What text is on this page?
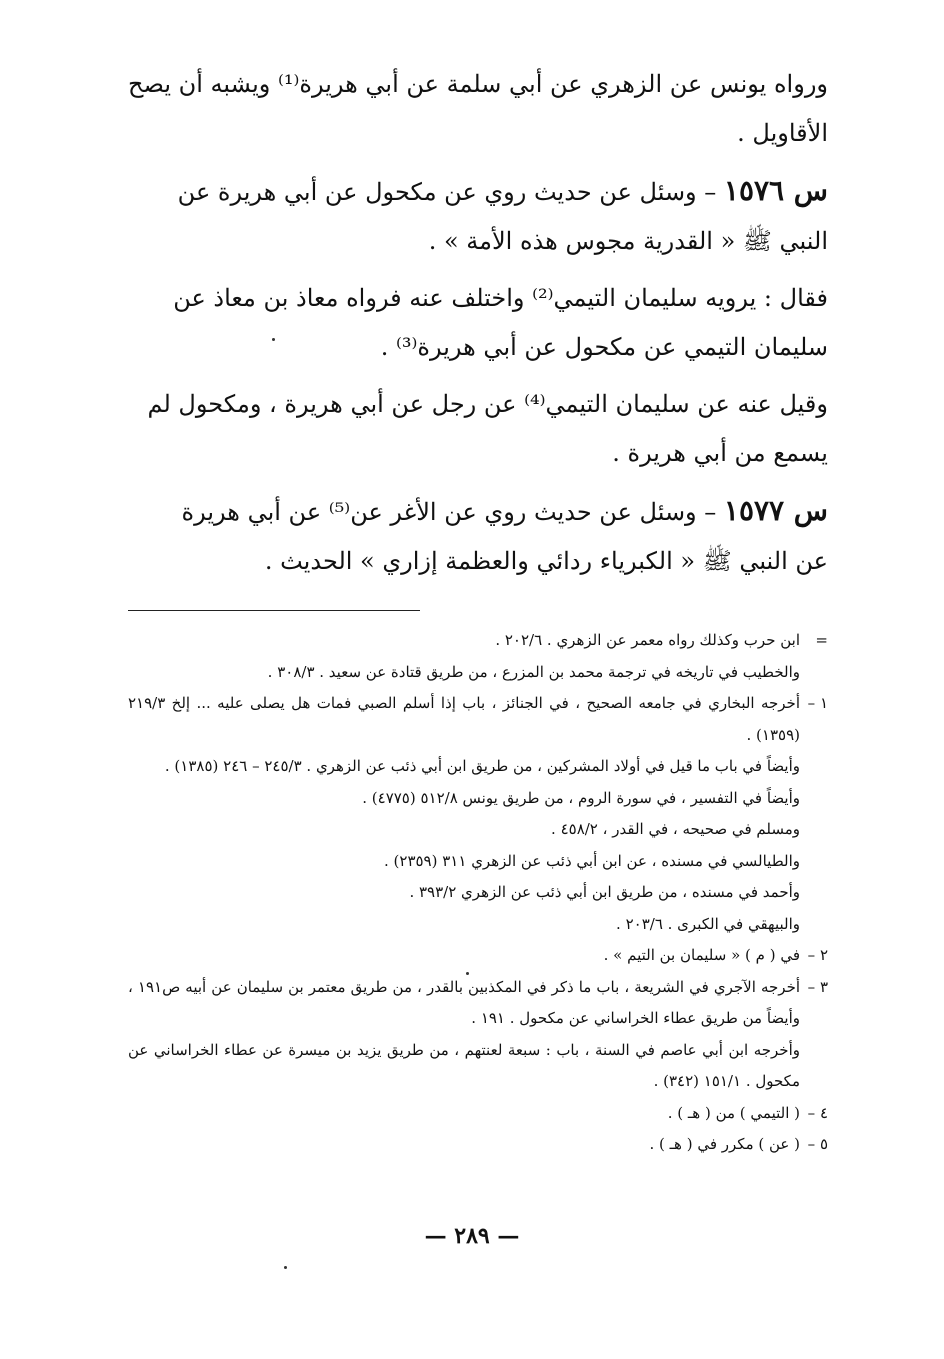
ورواه يونس عن الزهري عن أبي سلمة عن أبي هريرة⁽¹⁾ ويشبه أن يصح
الأقاويل .

س ١٥٧٦ – وسئل عن حديث روي عن مكحول عن أبي هريرة عن
النبي ﷺ « القدرية مجوس هذه الأمة » .

فقال : يرويه سليمان التيمي⁽²⁾ واختلف عنه فرواه معاذ بن معاذ عن
سليمان التيمي عن مكحول عن أبي هريرة⁽³⁾ .

وقيل عنه عن سليمان التيمي⁽⁴⁾ عن رجل عن أبي هريرة ، ومكحول لم
يسمع من أبي هريرة .

س ١٥٧٧ – وسئل عن حديث روي عن الأغر عن⁽⁵⁾ عن أبي هريرة
عن النبي ﷺ « الكبرياء ردائي والعظمة إزاري » الحديث .

=
ابن حرب وكذلك رواه معمر عن الزهري . ٢٠٢/٦ .
والخطيب في تاريخه في ترجمة محمد بن المزرع ، من طريق قتادة عن سعيد . ٣٠٨/٣ .
١ –
أخرجه البخاري في جامعه الصحيح ، في الجنائز ، باب إذا أسلم الصبي فمات هل يصلى عليه ... إلخ ٢١٩/٣ (١٣٥٩) .
وأيضاً في باب ما قيل في أولاد المشركين ، من طريق ابن أبي ذئب عن الزهري . ٢٤٥/٣ – ٢٤٦ (١٣٨٥) .
وأيضاً في التفسير ، في سورة الروم ، من طريق يونس ٥١٢/٨ (٤٧٧٥) .
ومسلم في صحيحه ، في القدر ، ٤٥٨/٢ .
والطيالسي في مسنده ، عن ابن أبي ذئب عن الزهري ٣١١ (٢٣٥٩) .
وأحمد في مسنده ، من طريق ابن أبي ذئب عن الزهري ٣٩٣/٢ .
والبيهقي في الكبرى . ٢٠٣/٦ .
٢ –
في ( م ) « سليمان بن التيم » .
٣ –
أخرجه الآجري في الشريعة ، باب ما ذكر في المكذبين بالقدر ، من طريق معتمر بن سليمان عن أبيه ص١٩١ ، وأيضاً من طريق عطاء الخراساني عن مكحول . ١٩١ .
وأخرجه ابن أبي عاصم في السنة ، باب : سبعة لعنتهم ، من طريق يزيد بن ميسرة عن عطاء الخراساني عن مكحول . ١٥١/١ (٣٤٢) .
٤ –
( التيمي ) من ( هـ ) .
٥ –
( عن ) مكرر في ( هـ ) .
— ٢٨٩ —
